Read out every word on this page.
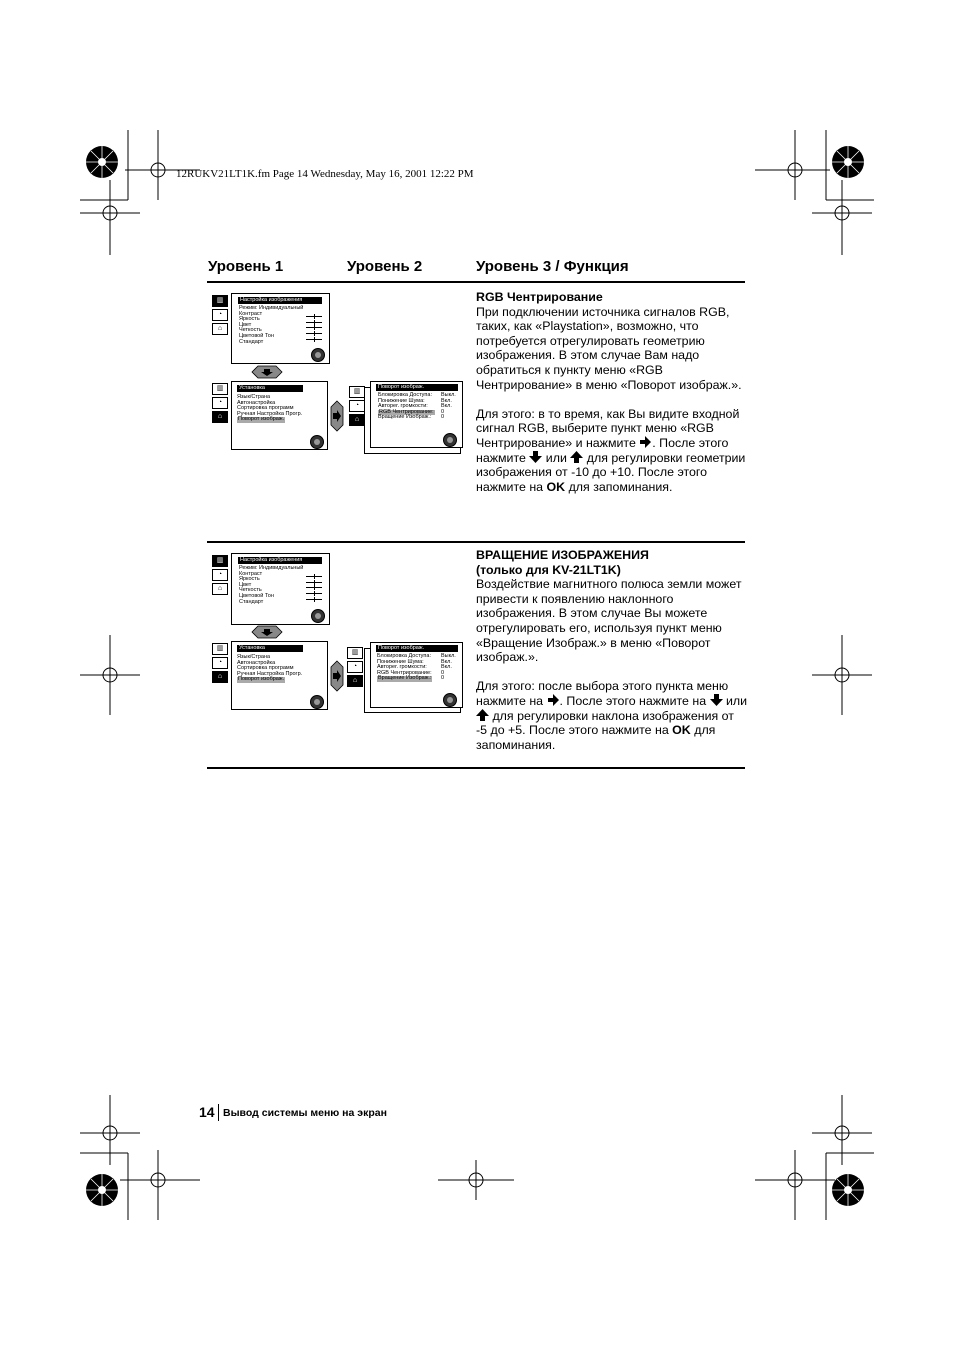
12RUKV21LT1K.fm Page 14 Wednesday, May 16, 2001 12:22 PM
Уровень 1	Уровень 2	Уровень 3 / Функция
▥
◔
⌂
Настройка изображения
Режим: Индивидуальный
Контраст
Яркость
Цвет
Четкость
Цветовой Тон
Стандарт
▥
◔
⌂
Установка
Язык/Страна
Автонастройка
Сортировка программ
Ручная Настройка Прогр.
Поворот изображ.
▥
◔
⌂
Поворот изображ.
Блокировка Доступа:
Понижение Шума:
Авторег. громкости:
RGB Чентрирование:
Вращение Изображ.:
Выкл.
Вкл.
Вкл.
0
0

RGB Чентрирование

При подключении источника сигналов RGB, таких, как «Playstation», возможно, что потребуется отрегулировать геометрию изображения. В этом случае Вам надо обратиться к пункту меню «RGB Чентрирование» в меню «Поворот изображ.».

Для этого: в то время, как Вы видите входной сигнал RGB, выберите пункт меню «RGB Чентрирование» и нажмите . После этого нажмите или для регулировки геометрии изображения от -10 до +10. После этого нажмите на OK для запоминания.

▥
◔
⌂
Настройка изображения
Режим: Индивидуальный
Контраст
Яркость
Цвет
Четкость
Цветовой Тон
Стандарт
▥
◔
⌂
Установка
Язык/Страна
Автонастройка
Сортировка программ
Ручная Настройка Прогр.
Поворот изображ.
▥
◔
⌂
Поворот изображ.
Блокировка Доступа:
Понижение Шума:
Авторег. громкости:
RGB Чентрирование:
Вращение Изображ.:
Выкл.
Вкл.
Вкл.
0
0

ВРАЩЕНИЕ ИЗОБРАЖЕНИЯ

(только для KV-21LT1K)

Воздействие магнитного полюса земли может привести к появлению наклонного изображения. В этом случае Вы можете отрегулировать его, используя пункт меню «Вращение Изображ.» в меню «Поворот изображ.».

Для этого: после выбора этого пункта меню нажмите на . После этого нажмите на или  для регулировки наклона изображения от -5 до +5. После этого нажмите на OK для запоминания.

14 Вывод системы меню на экран
